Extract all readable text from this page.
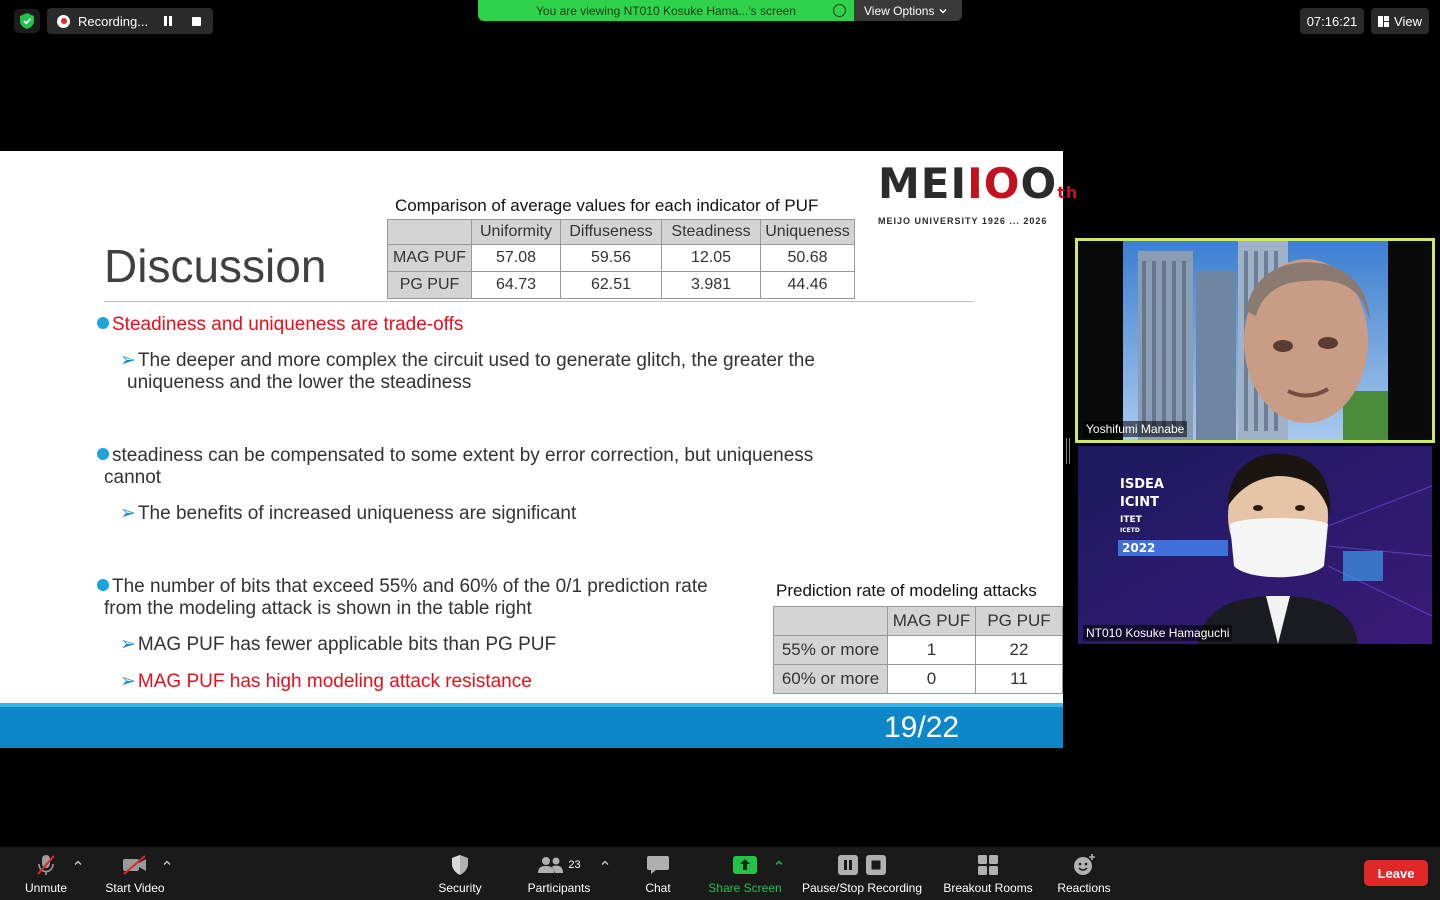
Recording...
You are viewing NT010 Kosuke Hama...'s screen	View Options
07:16:21	View
MEIIOOth
MEIJO UNIVERSITY 1926 ... 2026
Discussion
Comparison of average values for each indicator of PUF
	Uniformity	Diffuseness	Steadiness	Uniqueness
MAG PUF	57.08	59.56	12.05	50.68
PG PUF	64.73	62.51	3.981	44.46
Steadiness and uniqueness are trade-offs
➢ The deeper and more complex the circuit used to generate glitch, the greater the
uniqueness and the lower the steadiness
steadiness can be compensated to some extent by error correction, but uniqueness
cannot
➢ The benefits of increased uniqueness are significant
The number of bits that exceed 55% and 60% of the 0/1 prediction rate
from the modeling attack is shown in the table right
➢ MAG PUF has fewer applicable bits than PG PUF
➢ MAG PUF has high modeling attack resistance
Prediction rate of modeling attacks
	MAG PUF	PG PUF
55% or more	1	22
60% or more	0	11
19/22
Yoshifumi Manabe
ISDEA
ICINT
ITET
ICETD
2022
NT010 Kosuke Hamaguchi
Unmute	Start Video	Security
23
Participants	Chat	Share Screen	Pause/Stop Recording Breakout Rooms Reactions
Leave
